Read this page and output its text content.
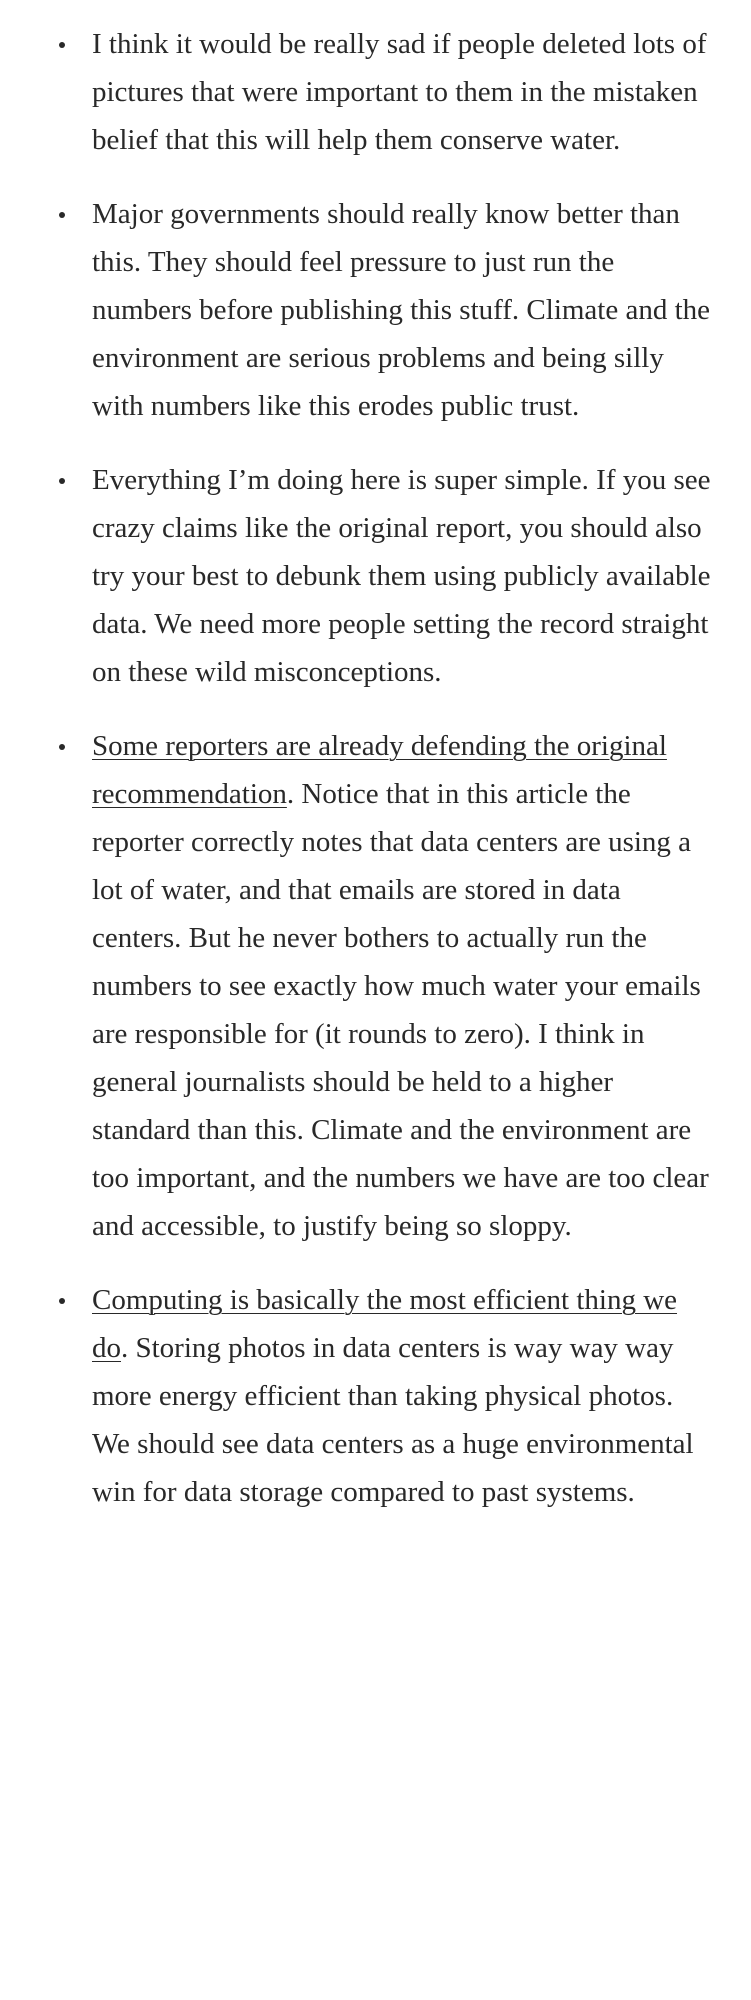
I think it would be really sad if people deleted lots of pictures that were important to them in the mistaken belief that this will help them conserve water.
Major governments should really know better than this. They should feel pressure to just run the numbers before publishing this stuff. Climate and the environment are serious problems and being silly with numbers like this erodes public trust.
Everything I’m doing here is super simple. If you see crazy claims like the original report, you should also try your best to debunk them using publicly available data. We need more people setting the record straight on these wild misconceptions.
Some reporters are already defending the original recommendation. Notice that in this article the reporter correctly notes that data centers are using a lot of water, and that emails are stored in data centers. But he never bothers to actually run the numbers to see exactly how much water your emails are responsible for (it rounds to zero). I think in general journalists should be held to a higher standard than this. Climate and the environment are too important, and the numbers we have are too clear and accessible, to justify being so sloppy.
Computing is basically the most efficient thing we do. Storing photos in data centers is way way way more energy efficient than taking physical photos. We should see data centers as a huge environmental win for data storage compared to past systems.
